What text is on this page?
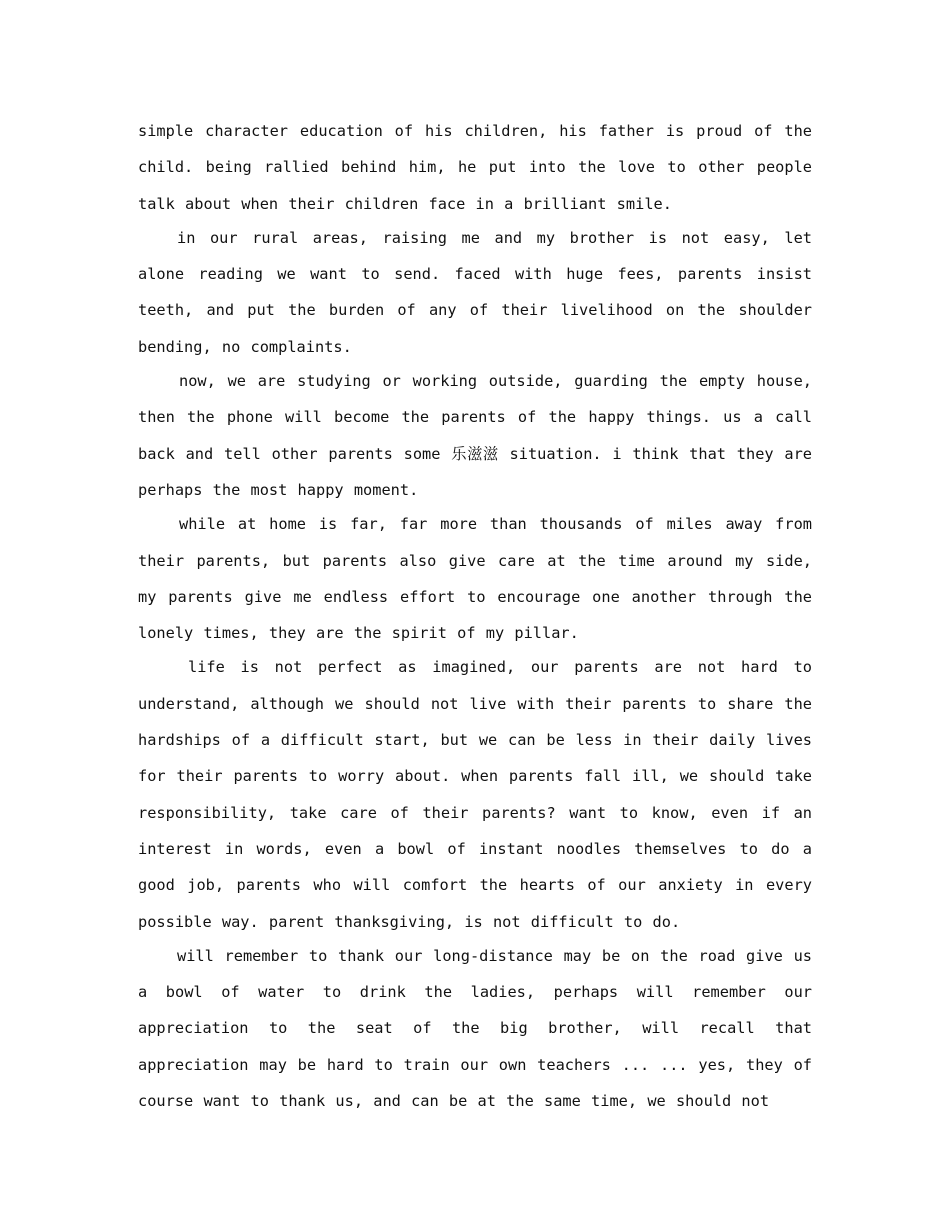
simple character education of his children, his father is proud of the child. being rallied behind him, he put into the love to other people talk about when their children face in a brilliant smile.

in our rural areas, raising me and my brother is not easy, let alone reading we want to send. faced with huge fees, parents insist teeth, and put the burden of any of their livelihood on the shoulder bending, no complaints.

now, we are studying or working outside, guarding the empty house, then the phone will become the parents of the happy things. us a call back and tell other parents some 乐滋滋 situation. i think that they are perhaps the most happy moment.

while at home is far, far more than thousands of miles away from their parents, but parents also give care at the time around my side, my parents give me endless effort to encourage one another through the lonely times, they are the spirit of my pillar.

life is not perfect as imagined, our parents are not hard to understand, although we should not live with their parents to share the hardships of a difficult start, but we can be less in their daily lives for their parents to worry about. when parents fall ill, we should take responsibility, take care of their parents? want to know, even if an interest in words, even a bowl of instant noodles themselves to do a good job, parents who will comfort the hearts of our anxiety in every possible way. parent thanksgiving, is not difficult to do.

will remember to thank our long-distance may be on the road give us a bowl of water to drink the ladies, perhaps will remember our appreciation to the seat of the big brother, will recall that appreciation may be hard to train our own teachers ... ... yes, they of course want to thank us, and can be at the same time, we should not
